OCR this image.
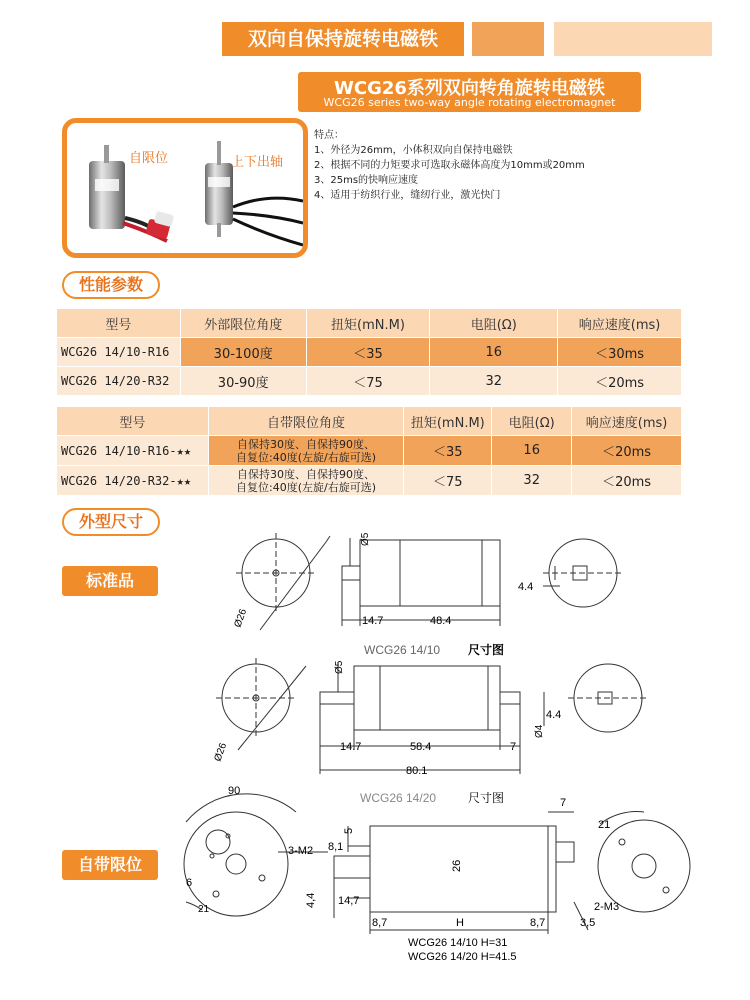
双向自保持旋转电磁铁
WCG26系列双向转角旋转电磁铁
WCG26 series two-way angle rotating electromagnet
自限位	上下出轴
特点：
1、外径为26mm，小体积双向自保持电磁铁
2、根据不同的力矩要求可选取永磁体高度为10mm或20mm
3、25ms的快响应速度
4、适用于纺织行业，缝纫行业，激光快门
性能参数
型号	外部限位角度	扭矩(mN.M)	电阻(Ω)	响应速度(ms)
WCG26 14/10-R16	30-100度	＜35	16	＜30ms
WCG26 14/20-R32	30-90度	＜75	32	＜20ms
型号	自带限位角度	扭矩(mN.M)	电阻(Ω)	响应速度(ms)
WCG26 14/10-R16-★★	自保持30度、自保持90度、
自复位:40度(左旋/右旋可选)	＜35	16	＜20ms
WCG26 14/20-R32-★★	自保持30度、自保持90度、
自复位:40度(左旋/右旋可选)	＜75	32	＜20ms
外型尺寸
标准品
自带限位
Ø26
Ø5
14.7	48.4
4.4
WCG26 14/10 尺寸图
Ø26
Ø5
14.7	58.4	7
80.1
Ø4
4.4
WCG26 14/20	尺寸图
90
3-M2 8,1
5
6
21
4,4 14,7
26
8,7	H	8,7	3,5
7
21
2-M3
WCG26 14/10 H=31
WCG26 14/20 H=41.5
